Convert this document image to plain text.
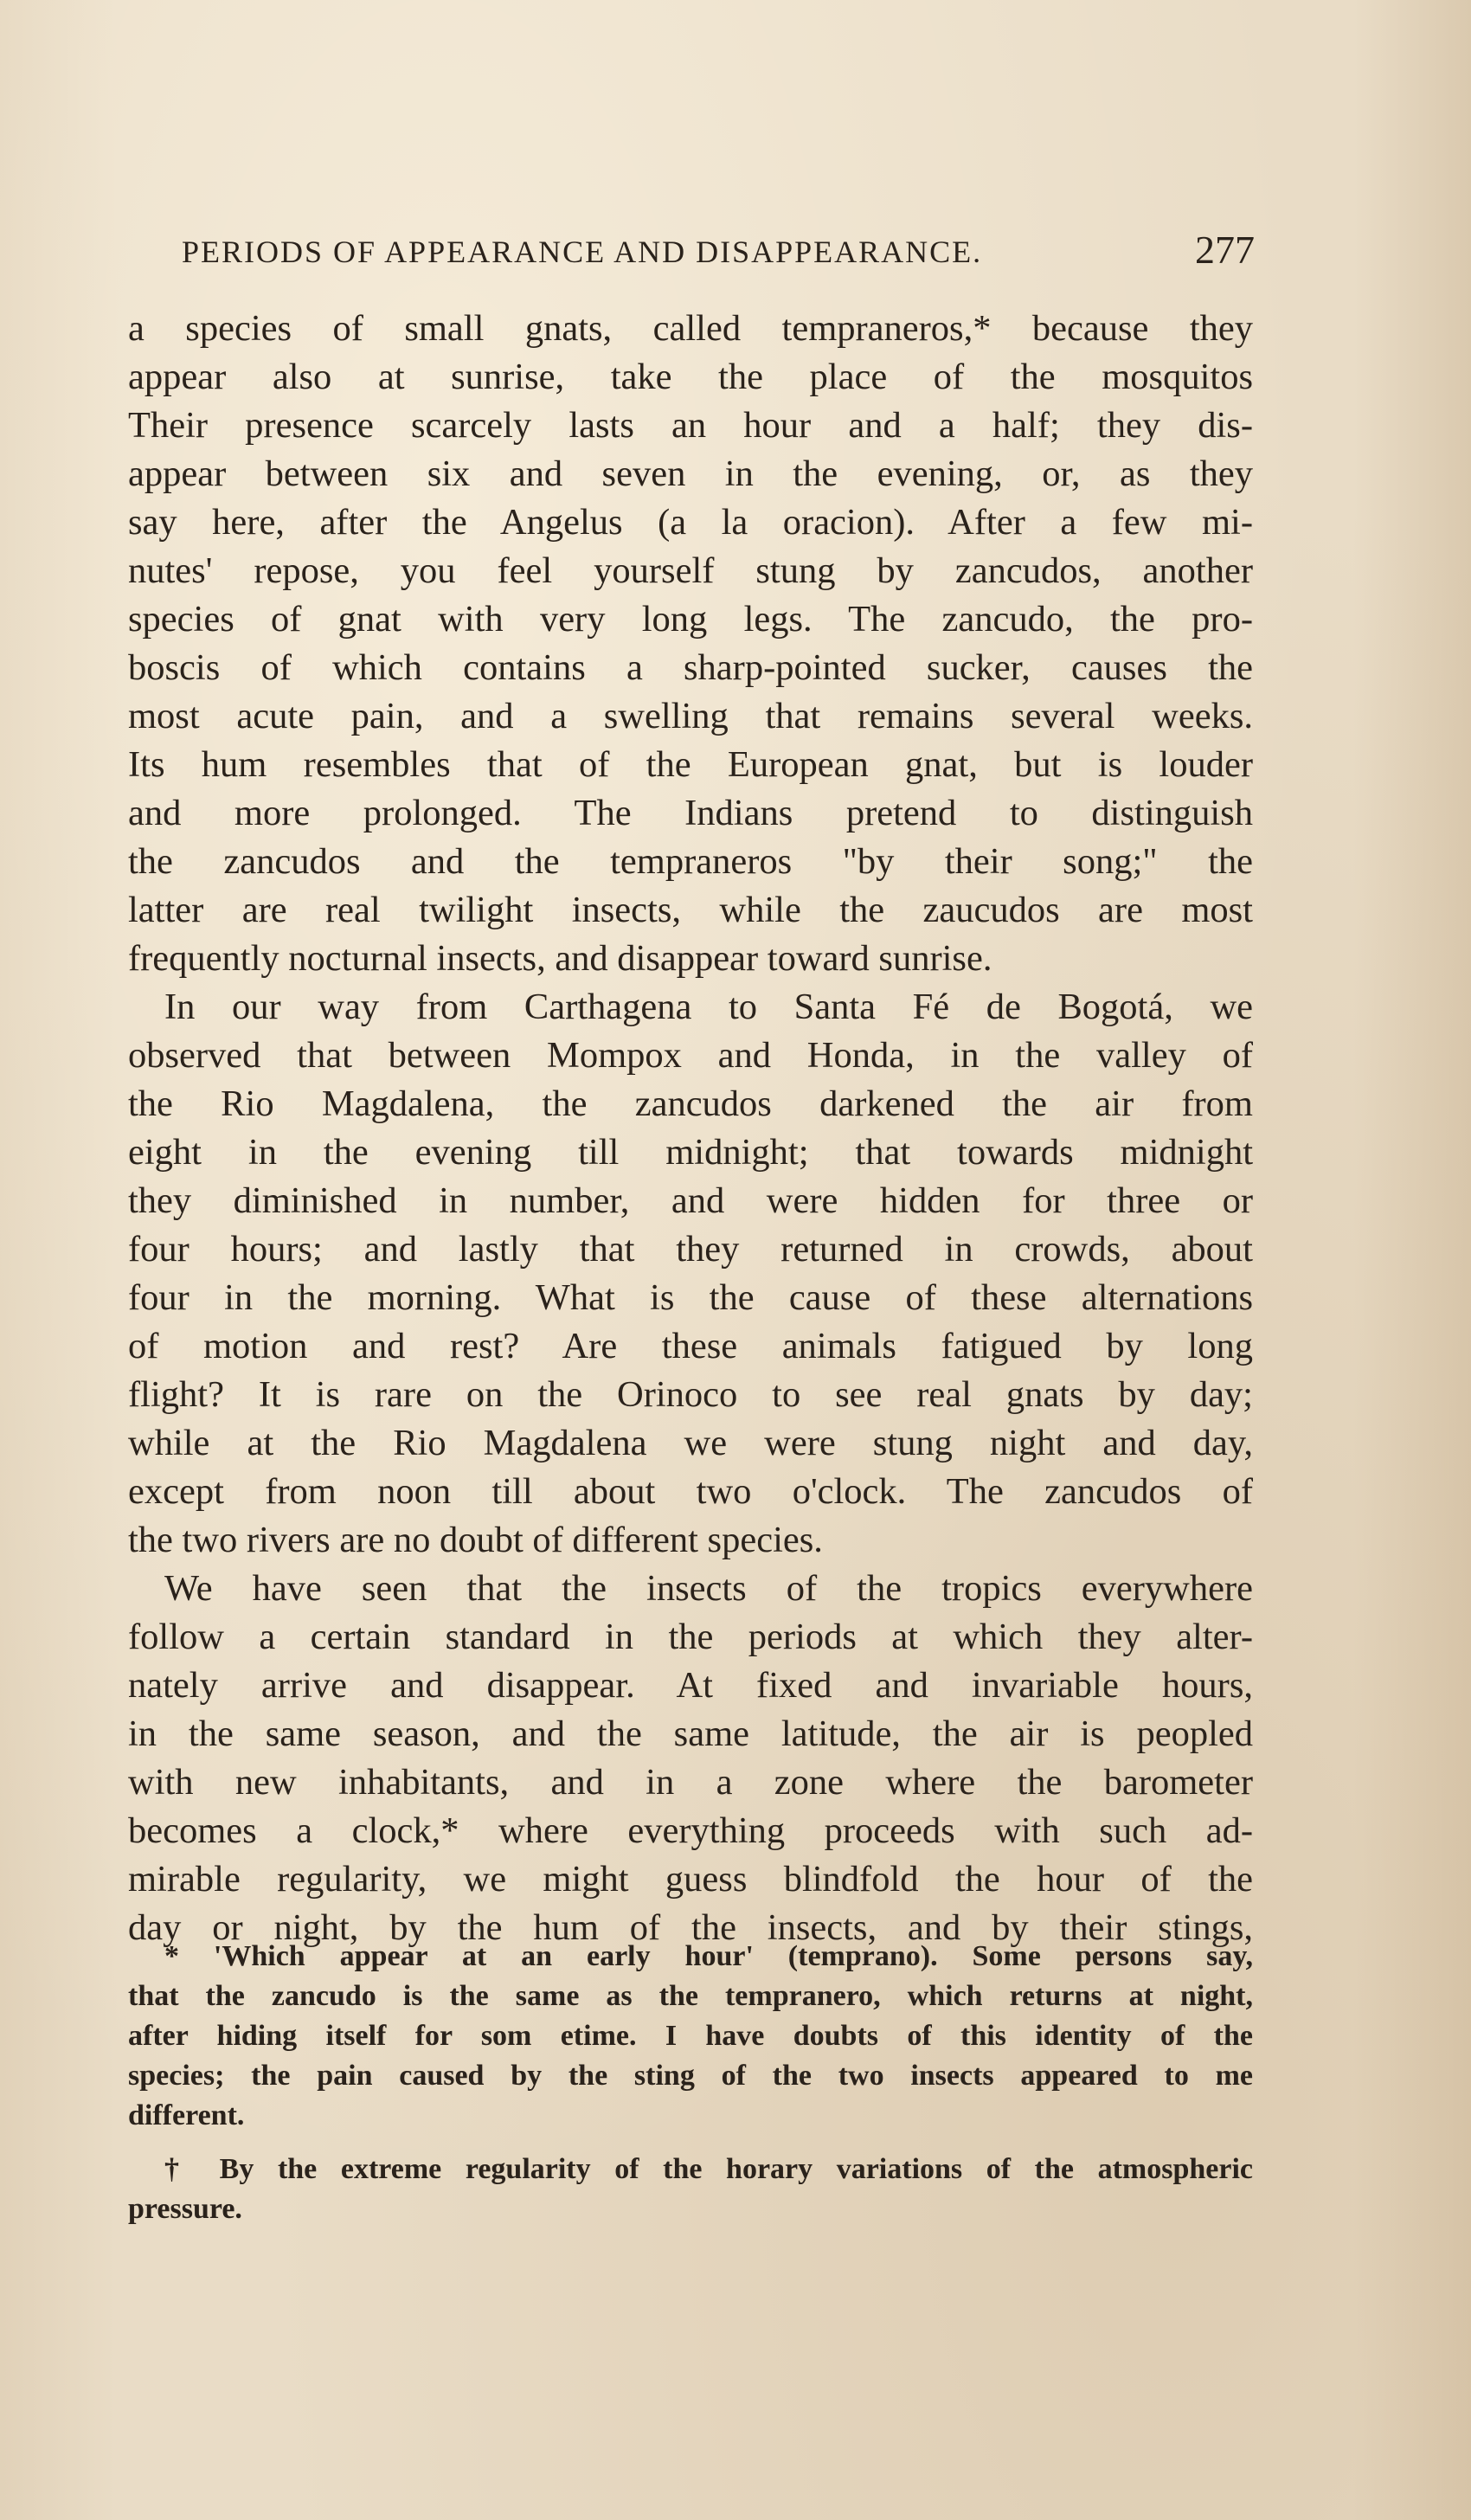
PERIODS OF APPEARANCE AND DISAPPEARANCE.	277
a species of small gnats, called tempraneros,* because they
appear also at sunrise, take the place of the mosquitos
Their presence scarcely lasts an hour and a half; they dis-
appear between six and seven in the evening, or, as they
say here, after the Angelus (a la oracion). After a few mi-
nutes' repose, you feel yourself stung by zancudos, another
species of gnat with very long legs. The zancudo, the pro-
boscis of which contains a sharp-pointed sucker, causes the
most acute pain, and a swelling that remains several weeks.
Its hum resembles that of the European gnat, but is louder
and more prolonged. The Indians pretend to distinguish
the zancudos and the tempraneros "by their song;" the
latter are real twilight insects, while the zaucudos are most
frequently nocturnal insects, and disappear toward sunrise.
In our way from Carthagena to Santa Fé de Bogotá, we
observed that between Mompox and Honda, in the valley of
the Rio Magdalena, the zancudos darkened the air from
eight in the evening till midnight; that towards midnight
they diminished in number, and were hidden for three or
four hours; and lastly that they returned in crowds, about
four in the morning. What is the cause of these alternations
of motion and rest? Are these animals fatigued by long
flight? It is rare on the Orinoco to see real gnats by day;
while at the Rio Magdalena we were stung night and day,
except from noon till about two o'clock. The zancudos of
the two rivers are no doubt of different species.
We have seen that the insects of the tropics everywhere
follow a certain standard in the periods at which they alter-
nately arrive and disappear. At fixed and invariable hours,
in the same season, and the same latitude, the air is peopled
with new inhabitants, and in a zone where the barometer
becomes a clock,* where everything proceeds with such ad-
mirable regularity, we might guess blindfold the hour of the
day or night, by the hum of the insects, and by their stings,
* 'Which appear at an early hour' (temprano). Some persons say,
that the zancudo is the same as the tempranero, which returns at night,
after hiding itself for som etime. I have doubts of this identity of the
species; the pain caused by the sting of the two insects appeared to me
different.
† By the extreme regularity of the horary variations of the atmospheric
pressure.
